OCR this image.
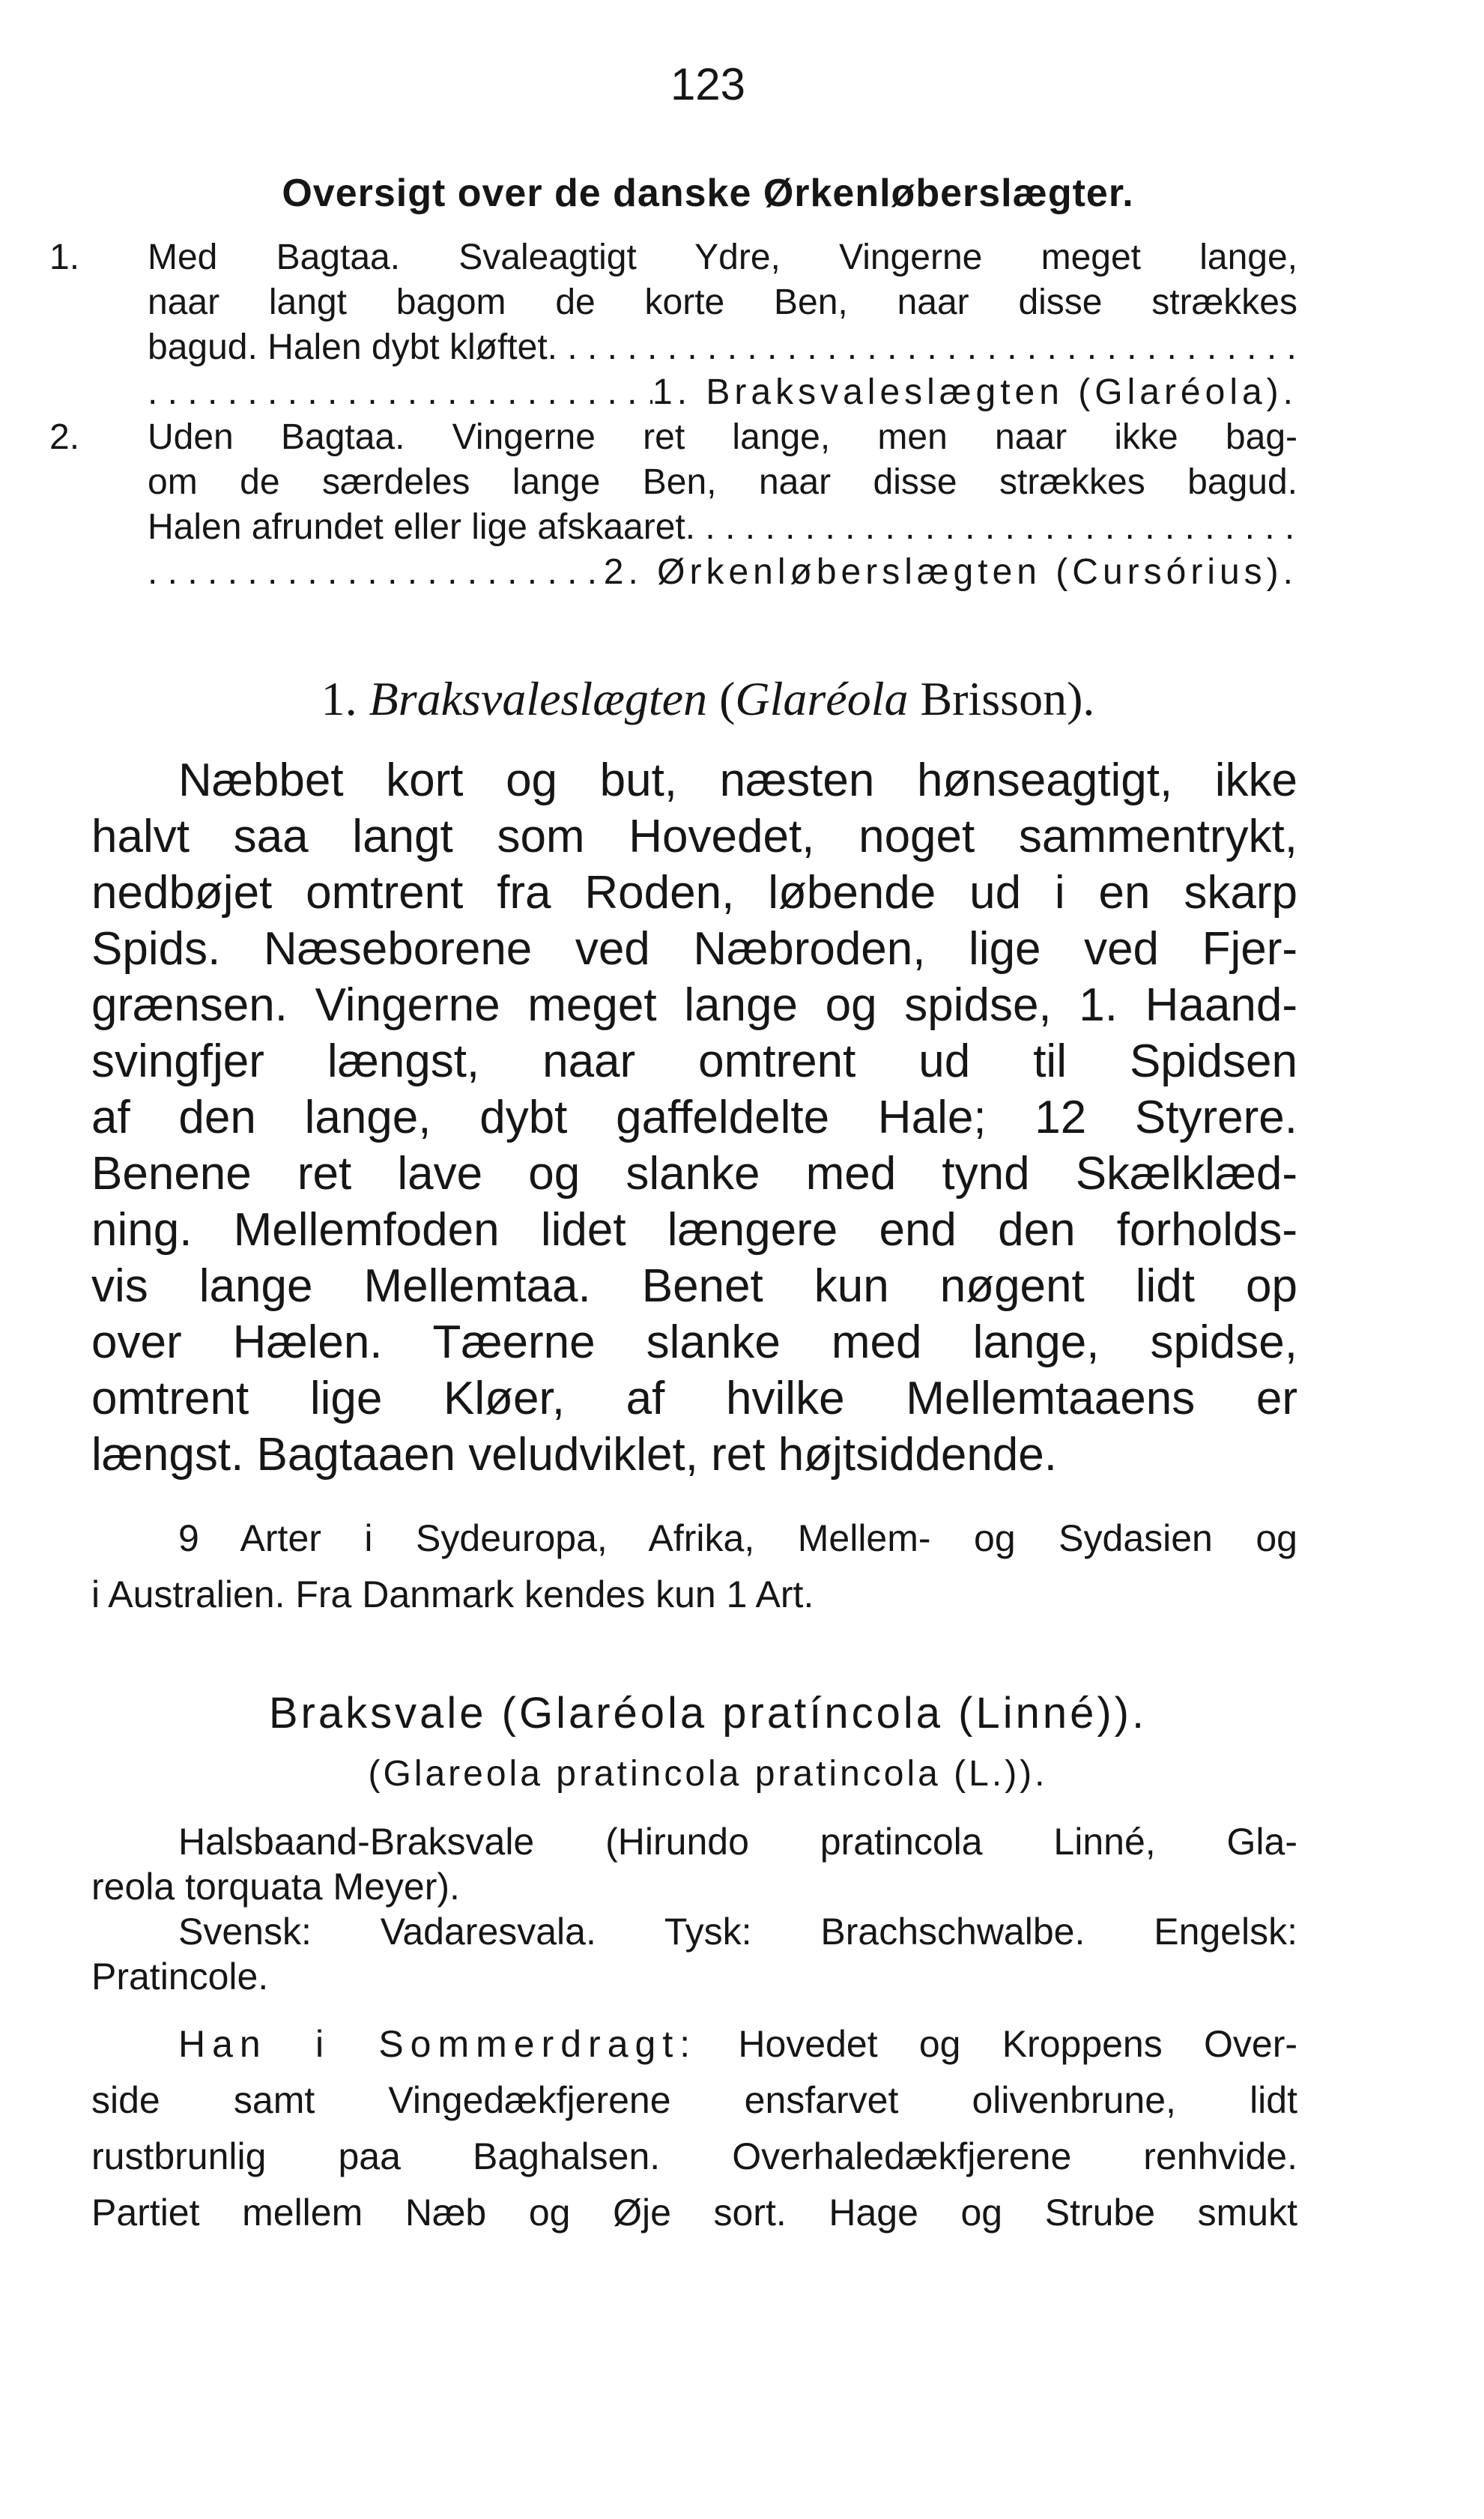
123
Oversigt over de danske Ørkenløberslægter.
1. Med Bagtaa. Svaleagtigt Ydre, Vingerne meget lange,
naar langt bagom de korte Ben, naar disse strækkes
bagud. Halen dybt kløftet
. . .
. . .
1. Braksvaleslægten (Glaréola).
2. Uden Bagtaa. Vingerne ret lange, men naar ikke bag-
om de særdeles lange Ben, naar disse strækkes bagud.
Halen afrundet eller lige afskaaret
. . .
. . .
2. Ørkenløberslægten (Cursórius).
1. Braksvaleslægten (Glaréola Brisson).
Næbbet kort og but, næsten hønseagtigt, ikke
halvt saa langt som Hovedet, noget sammentrykt,
nedbøjet omtrent fra Roden, løbende ud i en skarp
Spids. Næseborene ved Næbroden, lige ved Fjer-
grænsen. Vingerne meget lange og spidse, 1. Haand-
svingfjer længst, naar omtrent ud til Spidsen
af den lange, dybt gaffeldelte Hale; 12 Styrere.
Benene ret lave og slanke med tynd Skælklæd-
ning. Mellemfoden lidet længere end den forholds-
vis lange Mellemtaa. Benet kun nøgent lidt op
over Hælen. Tæerne slanke med lange, spidse,
omtrent lige Kløer, af hvilke Mellemtaaens er
længst. Bagtaaen veludviklet, ret højtsiddende.
9 Arter i Sydeuropa, Afrika, Mellem- og Sydasien og
i Australien. Fra Danmark kendes kun 1 Art.
Braksvale (Glaréola pratíncola (Linné)).
(Glareola pratincola pratincola (L.)).
Halsbaand-Braksvale (Hirundo pratincola Linné, Gla-
reola torquata Meyer).
Svensk: Vadaresvala. Tysk: Brachschwalbe. Engelsk:
Pratincole.
Han i Sommerdragt: Hovedet og Kroppens Over-
side samt Vingedækfjerene ensfarvet olivenbrune, lidt
rustbrunlig paa Baghalsen. Overhaledækfjerene renhvide.
Partiet mellem Næb og Øje sort. Hage og Strube smukt
